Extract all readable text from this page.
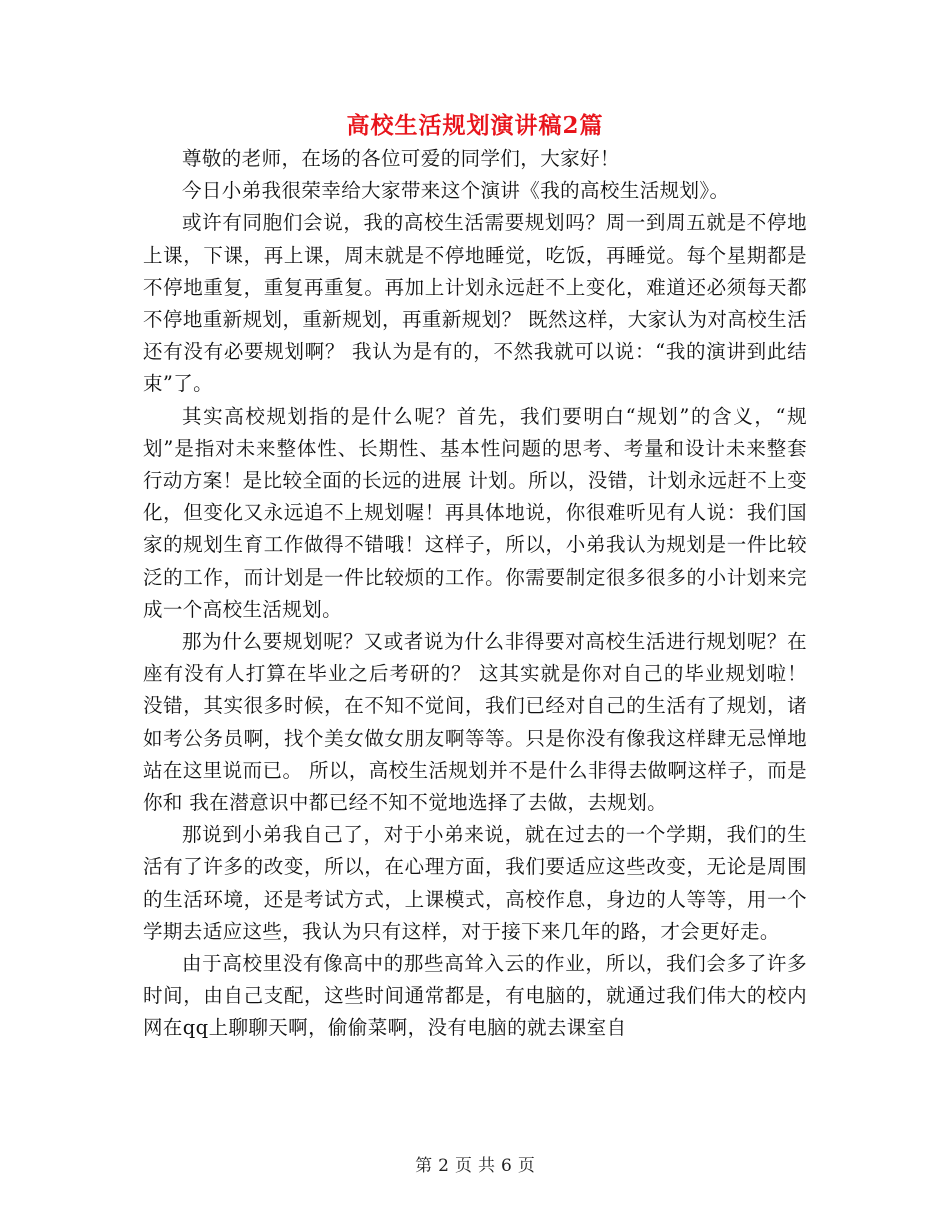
高校生活规划演讲稿2篇

尊敬的老师，在场的各位可爱的同学们，大家好！

今日小弟我很荣幸给大家带来这个演讲《我的高校生活规划》。

或许有同胞们会说，我的高校生活需要规划吗？周一到周五就是不停地上课，下课，再上课，周末就是不停地睡觉，吃饭，再睡觉。每个星期都是不停地重复，重复再重复。再加上计划永远赶不上变化，难道还必须每天都不停地重新规划，重新规划，再重新规划？ 既然这样，大家认为对高校生活还有没有必要规划啊？ 我认为是有的，不然我就可以说：“我的演讲到此结束”了。

其实高校规划指的是什么呢？首先，我们要明白“规划”的含义，“规划”是指对未来整体性、长期性、基本性问题的思考、考量和设计未来整套行动方案！是比较全面的长远的进展 计划。所以，没错，计划永远赶不上变化，但变化又永远追不上规划喔！再具体地说，你很难听见有人说：我们国家的规划生育工作做得不错哦！这样子，所以，小弟我认为规划是一件比较泛的工作，而计划是一件比较烦的工作。你需要制定很多很多的小计划来完成一个高校生活规划。

那为什么要规划呢？又或者说为什么非得要对高校生活进行规划呢？在座有没有人打算在毕业之后考研的？ 这其实就是你对自己的毕业规划啦！ 没错，其实很多时候，在不知不觉间，我们已经对自己的生活有了规划，诸如考公务员啊，找个美女做女朋友啊等等。只是你没有像我这样肆无忌惮地站在这里说而已。 所以，高校生活规划并不是什么非得去做啊这样子，而是你和 我在潜意识中都已经不知不觉地选择了去做，去规划。

那说到小弟我自己了，对于小弟来说，就在过去的一个学期，我们的生活有了许多的改变，所以，在心理方面，我们要适应这些改变，无论是周围的生活环境，还是考试方式，上课模式，高校作息，身边的人等等，用一个学期去适应这些，我认为只有这样，对于接下来几年的路，才会更好走。

由于高校里没有像高中的那些高耸入云的作业，所以，我们会多了许多时间，由自己支配，这些时间通常都是，有电脑的，就通过我们伟大的校内网在qq上聊聊天啊，偷偷菜啊，没有电脑的就去课室自

第 2 页 共 6 页
